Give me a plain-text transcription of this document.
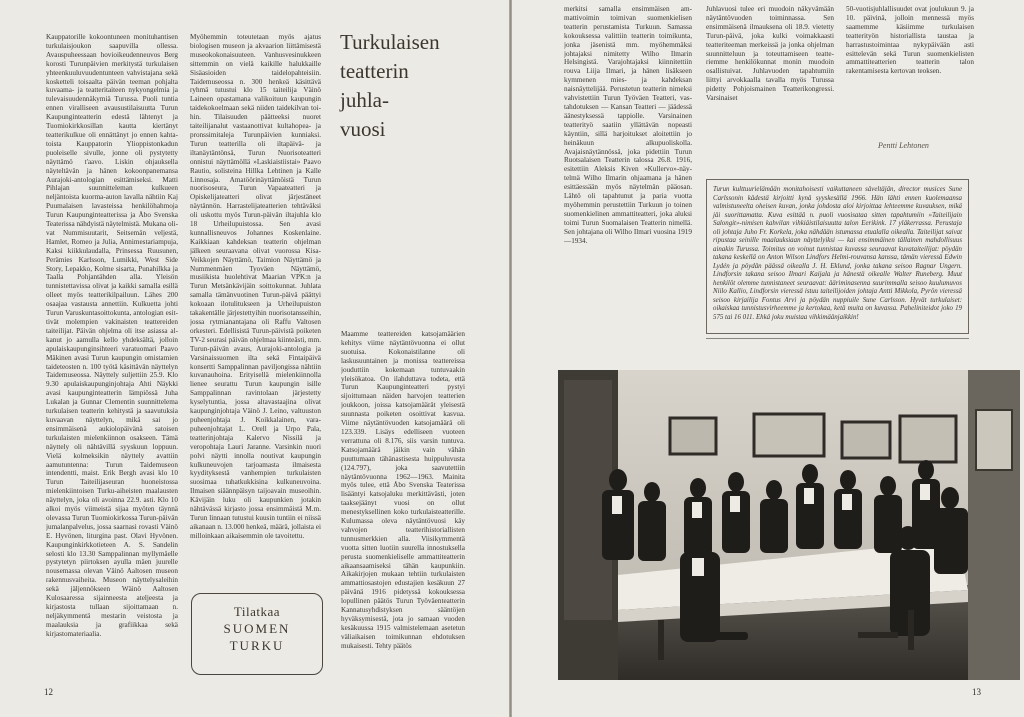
Kauppatorille kokoontuneen monituhantisen turkulaisjoukon saapuvilla ollessa. Avauspuheessaan hovioikeudenneuvos Berg korosti Turunpäivien merkitystä turkulaisen yhteenkuuluvuudentunteen vahvistajana sekä kosketteli toisaalta päivän teeman pohjalta kuvaama- ja teatteritaiteen nykyongelmia ja tulevaisuudennäkymiä Turussa. Puoli tuntia ennen viralliseen avausustilaisuutta Turun Kaupunginteatterin edestä lähtenyt ja Tuomiokirkkosillan kautta kiertänyt teatterikulkue oli ennättänyt jo ennen kahtatoista Kauppatorin Ylioppistonkadun puoleiselle sivulle, jonne oli pystytetty näyttämö t'aavo. Liskin ohjauksella näyteltävän ja hänen kokoonpanemansa Aurajoki-antologian esittämiseksi. Matti Pihlajan suunnitteleman kulkueen neljäntoista kuorma-auton lavalla nähtiin Kaj Puumalaisen lavasteissa henkilöhahmoja Turun Kaupunginteatterissa ja Åbo Svenska Teaterissa nähdyistä näytelmistä. Mukana olivat Nummisuutarit, Seitsemän veljestä, Hamlet, Romeo ja Julia, Annimestariampuja, Kaksi kiikkulaudalla, Prinsessa Ruusunen, Perämies Karlsson, Lumikki, West Side Story, Lepakko, Kolme sisarta, Punahilkka ja Taalla Pohjantähden alla. Yleisön tunnistettavissa olivat ja kaikki samalla esillä olleet myös teatterikilpailuun. Lähes 200 osaajaa vastausta annettiin. Kulkuetta johti Turun Varuskuntasoittokunta, antologian esittivät molempien vakinaisten teattereiden taiteilijat. Päivän ohjelma oli itse asiassa alkanut jo aamulla kello yhdeksältä, jolloin apulaiskaupunginsihteeri varatuomari Paavo Mäkinen avasi Turun kaupungin omistamien taideteosten n. 100 työtä käsittävän näyttelyn Taidemuseossa. Näyttely suljettiin 25.9. Klo 9.30 apulaiskaupunginjohtaja Ahti Näykki avasi kaupunginteatterin lämpiössä Juha Lukalan ja Gunnar Clementin suunnittelema turkulaisen teatterin kehitystä ja saavutuksia kuvaavan näyttelyn, mikä sai jo ensimmäisenä aukiolopäivänä satoisen turkulaisten mielenkiinnon osakseen. Tämä näyttely oli nähtävillä syyskuun loppuun. Vielä kolmeksikin näyttely avattiin aamutuntenna: Turun Taidemuseon intendentti, maist. Erik Bergh avasi klo 10 Turun Taiteilijaseuran huoneistossa mielenkiintoisen Turku-aiheisten maalausten näyttelyn, joka oli avoinna 22.9. asti. Klo 10 alkoi myös viimeistä sijaa myöten täynnä olevassa Turun Tuomiokirkossa Turun-päivän jumalanpalvelus, jossa saarnasi rovasti Väinö E. Hyvönen, liturgina past. Olavi Hyvönen. Kaupunginkirkkotieteen A. S. Sandelin selosti klo 13.30 Samppalinnan myllymäelle pystytetyn piirtoksen ayulla mäen juurelle nousemassa olevan Väinö Aaltosen museon rakennusvaiheita. Museon näyttelysaleihin sekä jäljennökseen Wäinö Aaltosen Kulosaaressa sijainneesta ateljeesta ja kirjastosta tullaan sijoittamaan n. neljäkymmentä mestarin veistosta ja maalauksia ja grafiikkaa sekä kirjastomateriaalia.

Myöhemmin toteutetaan myös ajatus biologisen museon ja akvaarion liittämisestä museokokonaisuuteen. Vanhusvesinukkeen sittemmin on vielä kaikille halukkaille Sisäasioiden taidelopahteisiin. Taidemuseossa n. 300 henkeä käsittävä ryhmä tutustui klo 15 taiteilija Väinö Laineen opastamana valikoituun kaupungin taidekokoelmaan sekä niiden taidekilvan toihin. Tilaisuuden päätteeksi nuoret taiteilijanalut vastaanottivat kultahopea- ja pronssimitaleja Turunpäivien kunniaksi. Turun teatterilla oli iltapäivä- ja iltanäytäntönsä, Turun Nuorisoteatteri onnistui näyttämöllä »Laskiaistiistai» Paavo Rautio, solisteina Hillka Lehtinen ja Kalle Linnosaja. Amatöörinäyttämöistä Turun nuorisoseura, Turun Vapaateatteri ja Opiskelijateatteri olivat järjestäneet näytännön. Harrastelijateatterien tehtäväksi oli uskottu myös Turun-päivän iltajuhla klo 18 Urheilupuistossa. Sen avasi kunnallisneuvos Johannes Koskenlaine. Kaikkiaan kahdeksan teatterin ohjelman jälkeen seuraavana olivat vuorossa Kisa-Veikkojen Näyttämö, Taimion Näyttämö ja Nummenmäen Tyoväen Näyttämö, musiikista huolehtivat Maarian VPK:n ja Turun Metsänkävijäin soittokunnat. Juhlata samalla tämänvuotinen Turun-päivä päättyi kokoaan ilotulitukseen ja Urheilupuiston takakentälle järjestettyihin nuorisotansseihin, jossa rytmianantajana oli Raffu Valtosen orkesteri. Edellisistä Turun-päivistä poiketen TV-2 seurasi päivän ohjelmaa kiinteästi, mm. Turun-päivän avaus, Aurajoki-antologia ja Varsinaissuomen ilta sekä Fintaipäivä konsertti Samppalinnan paviljongissa nähtiin kuvanauhoina. Erityisellä mielenkiinnolla lienee seurattu Turun kaupungin isille Samppalinnan ravintolaan järjestetty kyselytuntia, jossa altavastaajina olivat kaupunginjohtaja Väinö J. Leino, valtuuston puheenjohtaja J. Koikkalainen, varapuheenjohtajat L. Orell ja Urpo Pala, teatterinjohtaja Kalervo Nissilä ja veropohtaja Lauri Jaranne. Varsinkin nuori polvi näytti innolla noutivat kaupungin kulkuneuvojen tarjoamasta ilmaisesta kyydityksestä vanhempien turkulaisten suosimaa tuhatkukkisina kulkuneuvoina. Ilmaisen siäännpäisyn taijoavain museoihin. Kävijäin luku oli kaupunkien jotakin nähtävässä kirjasto jossa ensimmäistä M.m. Turun linnaan tutustui kuusin tuntiin ei niissä aikanaan n. 13.000 henkeä, määrä, jollaista ei milloinkaan aikaisemmin ole tavoitettu.

Turkulaisen
teatterin
juhla-
vuosi

Maamme teattereiden katsojamäärien kehitys viime näytäntövuonna ei ollut suotuisa. Kokonaistilanne oli laskusuuntainen ja monissa teattereissa jouduttiin kokemaan tuntuvaakin yleisökatoa. On ilahduttava todeta, että Turun Kaupunginteatteri pystyi sijoittumaan näiden harvojen teatterien joukkoon, joissa katsojamäärät yleisestä suunnasta poiketen osoittivat kasvua. Viime näytäntövuoden katsojamäärä oli 123.339. Lisäys edelliseen vuoteen verrattuna oli 8.176, siis varsin tuntuva. Katsojamäärä jäikin vain vähän puuttumaan tähänastisesta huippuluvusta (124.797), joka saavutettiin näytäntövuonna 1962—1963. Mainita myös tulee, että Åbo Svenska Teaterissa lisääntyi katsojaluku merkittävästi, joten taaksejäänyt vuosi on ollut menestyksellinen koko turkulaisteatterille. Kulumassa oleva näytäntövuosi käy vahvojen teatterihistoriallisten tunnusmerkkien alla. Viisikymmentä vuotta sitten luotiin suurella innostuksella perusta suomenkieliselle ammattiteatterin aikaansaamiseksi tähän kaupunkiin. Aikakirjojen mukaan tehtiin turkulaisten ammattiosastojen edustajien kesäkuun 27 päivänä 1916 pidetyssä kokouksessa lopullinen päätös Turun Työväenteatterin Kannatusyhdistyksen sääntöjen hyväksymisestä, jota jo samaan vuoden kesäkuussa 1915 valmistelemaan asetetun väliaikaisen toimikunnan ehdotuksen mukaisesti. Tehty päätös

Tilatkaa
SUOMEN
TURKU
12

merkitsi samalla ensimmäisen ammattivoimin toimivan suomenkielisen teatterin perustamista Turkuun. Samassa kokouksessa valittiin teatterin toimikunta, jonka jäsenistä mm. myöhemmäksi johtajaksi nimitetty Wilho Ilmarin Helsingistä. Varajohtajaksi kiinnitettiin rouva Liija Ilmari, ja hänen lisäkseen kymmenen mies- ja kahdeksan naisnäyttelijää. Perustetun teatterin nimeksi vahvistettiin Turun Työväen Teatteri, vastahdotuksen — Kansan Teatteri — jäädessä äänestyksessä tappiolle. Varsinainen teatterityö saatiin yllättävän nopeasti käyntiin, sillä harjoitukset aloitettiin jo heinäkuun alkupuoliskolla. Avajaisnäytännössä, joka pidettiin Turun Ruotsalaisen Teatterin talossa 26.8. 1916, esitettiin Aleksis Kiven »Kullervo»-näytelmä Wilho Ilmarin ohjaamana ja hänen esittäessään myös näytelmän pääosan. Lähtö oli tapahtunut ja paria vuotta myöhemmin perustettiin Turkuun jo toinen suomenkielinen ammattiteatteri, joka aluksi toimi Turun Suomalaisen Teatterin nimellä. Sen johtajana oli Wilho Ilmari vuosina 1919—1934.

Juhlavuosi tulee eri muodoin näkyvämään näytäntövuoden toiminnassa. Sen ensimmäisenä ilmauksena oli 18.9. vietetty Turun-päivä, joka kulki voimakkaasti teatteriteeman merkeissä ja jonka ohjelman suunnitteluun ja toteuttamiseen teatteriemme henkilökunnat monin muodoin osallistuivat. Juhlavuoden tapahtumiin liittyi arvokkaalla tavalla myös Turussa pidetty Pohjoismainen Teatterikongressi. Varsinaiset

50-vuotisjuhlallisuudet ovat joulukuun 9. ja 10. päivinä, jolloin mennessä myös saamemme käsiimme turkulaisen teatterityön historiallista taustaa ja harrastustoimintaa nykypäivään asti esittelevän sekä Turun suomenkielisten ammattiteatterien teatterin talon rakentamisesta kertovan teoksen.

Pentti Lehtonen
Turun kulttuurielämään monitahoisesti vaikuttaneen säveltäjän, director musices Sune Carlssonin kädestä kirjoitti kynä syyskesällä 1966. Hän lähti ennen kuolemaansa valmistuneelta oheisen kuvan, jonka johdosta aloi kirjoittaa lehteemme kuvauksen, mikä jäi suorittamatta. Kuva esittää n. puoli vuosisataa sitten tapahtumiin »Taiteilijain Salongit»-nimisen kahvilan vihkiäistilaisuutta talon Eerikink. 17 yläkerrassa. Perustaja oli johtaja Juho Fr. Korkela, joka nähdään istumassa etualalla oikealla. Taiteilijat saivat ripustaa seinille maalauksiaan näyttelyiksi — kai ensimmäinen tällainen mahdollisuus ainakin Turussa. Toimitus on voinut tunnistaa kuvassa seuraavat kuvataiteilijat: pöydän takana keskellä on Anton Wilson Lindfors Helmi-rouvansa kanssa, tämän vieressä Edwin Lydén ja pöydän päässä oikealla J. H. Eklund, jonka takana seisoo Ragnar Ungern. Lindforsin takana seisoo Ilmari Kaijala ja hänestä oikealle Walter Runeberg. Muut henkilöt olemme tunnistaneet seuraavat: ääriminasenna suurimmalla seisoo kuulumuvos Niilo Kallio, Lindforsin vieressä istuu taiteilijoiden johtaja Antti Mikkola, Pyrön vieressä seisoo kirjailija Fontus Arvi ja pöydän nuppiuile Sune Carlsson. Hyvät turkulaiset: oikaiskaa tunnistusvirheemme ja kertokaa, ketä muita on kuvassa. Paheliniteidot joko 19 575 tai 16 011. Ehkä joku muistaa vihkimäänjaikkin!
13
